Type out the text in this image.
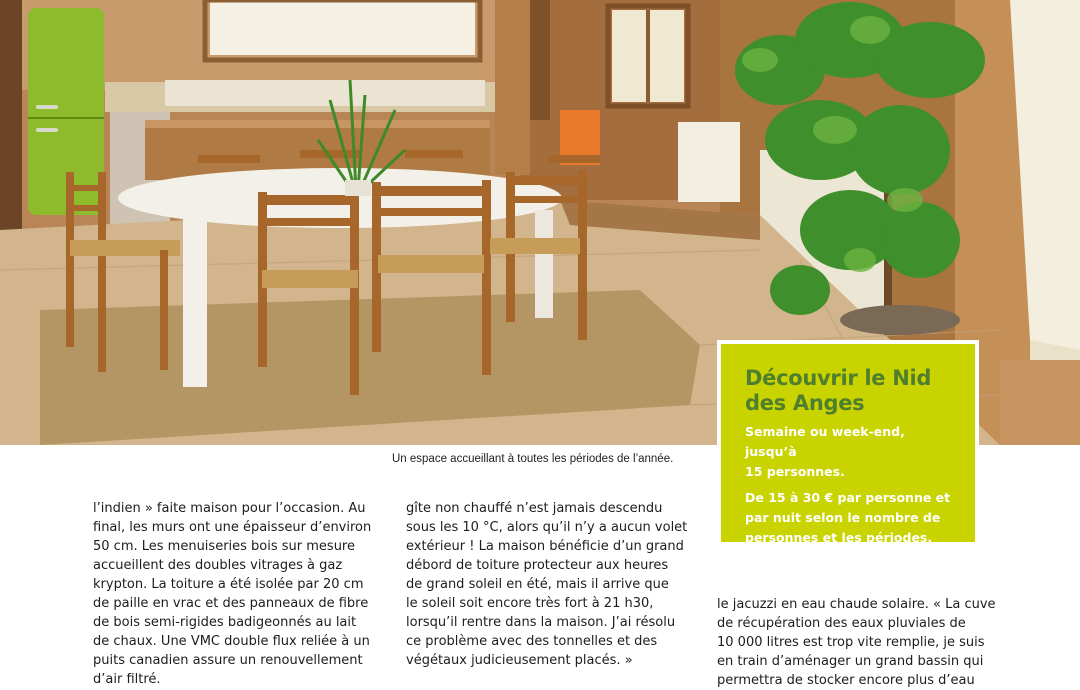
Un espace accueillant à toutes les périodes de l’année.

Découvrir le Nid
des Anges

Semaine ou week-end, jusqu’à
15 personnes.

De 15 à 30 € par personne et
par nuit selon le nombre de
personnes et les périodes.

l’indien » faite maison pour l’occasion. Au
final, les murs ont une épaisseur d’environ
50 cm. Les menuiseries bois sur mesure
accueillent des doubles vitrages à gaz
krypton. La toiture a été isolée par 20 cm
de paille en vrac et des panneaux de fibre
de bois semi-rigides badigeonnés au lait
de chaux. Une VMC double flux reliée à un
puits canadien assure un renouvellement
d’air filtré.
gîte non chauffé n’est jamais descendu
sous les 10 °C, alors qu’il n’y a aucun volet
extérieur ! La maison bénéficie d’un grand
débord de toiture protecteur aux heures
de grand soleil en été, mais il arrive que
le soleil soit encore très fort à 21 h30,
lorsqu’il rentre dans la maison. J’ai résolu
ce problème avec des tonnelles et des
végétaux judicieusement placés. »
le jacuzzi en eau chaude solaire. « La cuve
de récupération des eaux pluviales de
10 000 litres est trop vite remplie, je suis
en train d’aménager un grand bassin qui
permettra de stocker encore plus d’eau
